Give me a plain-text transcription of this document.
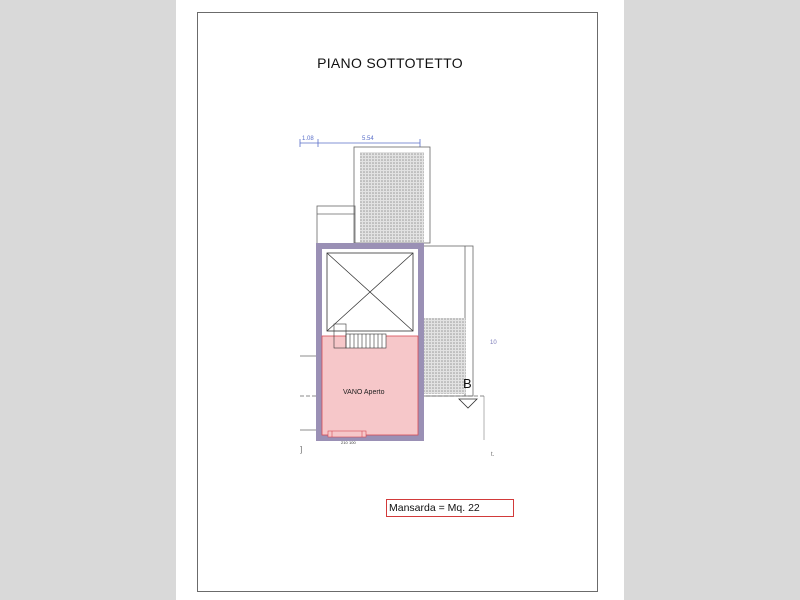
PIANO SOTTOTETTO
1.08	5.54
VANO Aperto
210 100
B
10
t.
]
Mansarda = Mq. 22
